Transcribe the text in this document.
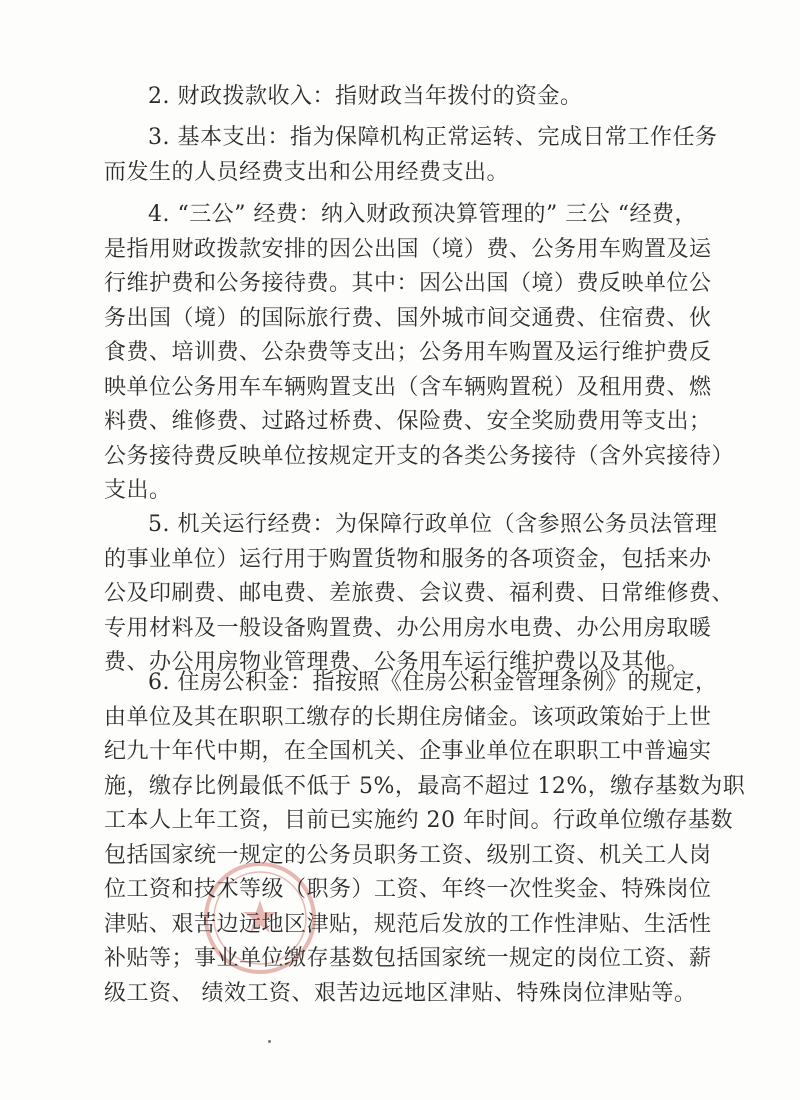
2. 财政拨款收入：指财政当年拨付的资金。
3. 基本支出：指为保障机构正常运转、完成日常工作任务
而发生的人员经费支出和公用经费支出。
4. “三公” 经费：纳入财政预决算管理的” 三公 “经费，
是指用财政拨款安排的因公出国（境）费、公务用车购置及运
行维护费和公务接待费。其中：因公出国（境）费反映单位公
务出国（境）的国际旅行费、国外城市间交通费、住宿费、伙
食费、培训费、公杂费等支出；公务用车购置及运行维护费反
映单位公务用车车辆购置支出（含车辆购置税）及租用费、燃
料费、维修费、过路过桥费、保险费、安全奖励费用等支出；
公务接待费反映单位按规定开支的各类公务接待（含外宾接待）
支出。
5. 机关运行经费：为保障行政单位（含参照公务员法管理
的事业单位）运行用于购置货物和服务的各项资金，包括来办
公及印刷费、邮电费、差旅费、会议费、福利费、日常维修费、
专用材料及一般设备购置费、办公用房水电费、办公用房取暖
费、办公用房物业管理费、公务用车运行维护费以及其他。
6. 住房公积金：指按照《住房公积金管理条例》的规定，
由单位及其在职职工缴存的长期住房储金。该项政策始于上世
纪九十年代中期，在全国机关、企事业单位在职职工中普遍实
施，缴存比例最低不低于 5%，最高不超过 12%，缴存基数为职
工本人上年工资，目前已实施约 20 年时间。行政单位缴存基数
包括国家统一规定的公务员职务工资、级别工资、机关工人岗
位工资和技术等级（职务）工资、年终一次性奖金、特殊岗位
津贴、艰苦边远地区津贴，规范后发放的工作性津贴、生活性
补贴等；事业单位缴存基数包括国家统一规定的岗位工资、薪
级工资、 绩效工资、艰苦边远地区津贴、特殊岗位津贴等。
